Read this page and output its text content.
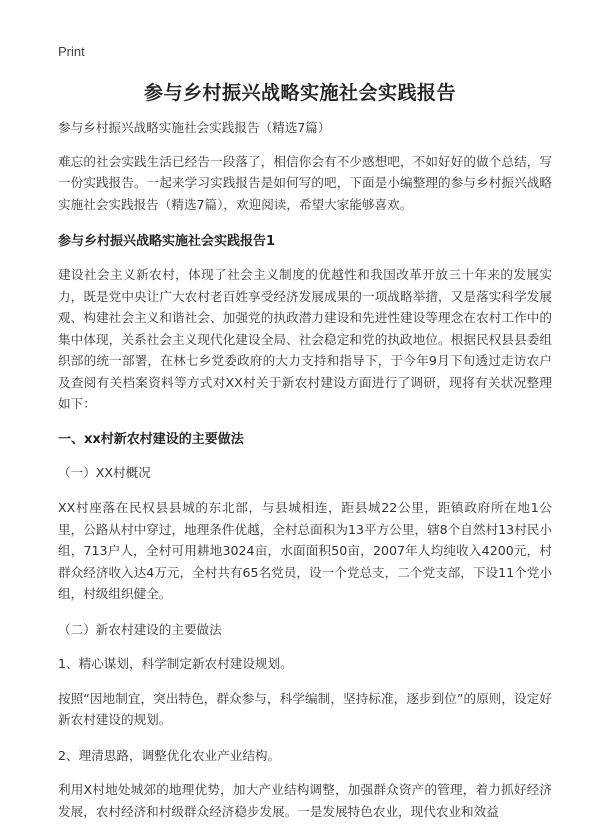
Print
参与乡村振兴战略实施社会实践报告

参与乡村振兴战略实施社会实践报告（精选7篇）

难忘的社会实践生活已经告一段落了，相信你会有不少感想吧，不如好好的做个总结，写一份实践报告。一起来学习实践报告是如何写的吧，下面是小编整理的参与乡村振兴战略实施社会实践报告（精选7篇），欢迎阅读，希望大家能够喜欢。

参与乡村振兴战略实施社会实践报告1

建设社会主义新农村，体现了社会主义制度的优越性和我国改革开放三十年来的发展实力，既是党中央让广大农村老百姓享受经济发展成果的一项战略举措，又是落实科学发展观、构建社会主义和谐社会、加强党的执政潜力建设和先进性建设等理念在农村工作中的集中体现，关系社会主义现代化建设全局、社会稳定和党的执政地位。根据民权县县委组织部的统一部署，在林七乡党委政府的大力支持和指导下，于今年9月下旬透过走访农户及查阅有关档案资料等方式对XX村关于新农村建设方面进行了调研，现将有关状况整理如下：

一、xx村新农村建设的主要做法

（一）XX村概况

XX村座落在民权县县城的东北部，与县城相连，距县城22公里，距镇政府所在地1公里，公路从村中穿过，地理条件优越，全村总面积为13平方公里，辖8个自然村13村民小组，713户人，全村可用耕地3024亩，水面面积50亩，2007年人均纯收入4200元，村群众经济收入达4万元，全村共有65名党员，设一个党总支，二个党支部，下设11个党小组，村级组织健全。

（二）新农村建设的主要做法

1、精心谋划，科学制定新农村建设规划。

按照“因地制宜，突出特色，群众参与，科学编制，坚持标准，逐步到位”的原则，设定好新农村建设的规划。

2、理清思路，调整优化农业产业结构。

利用X村地处城郊的地理优势，加大产业结构调整，加强群众资产的管理，着力抓好经济发展，农村经济和村级群众经济稳步发展。一是发展特色农业，现代农业和效益
